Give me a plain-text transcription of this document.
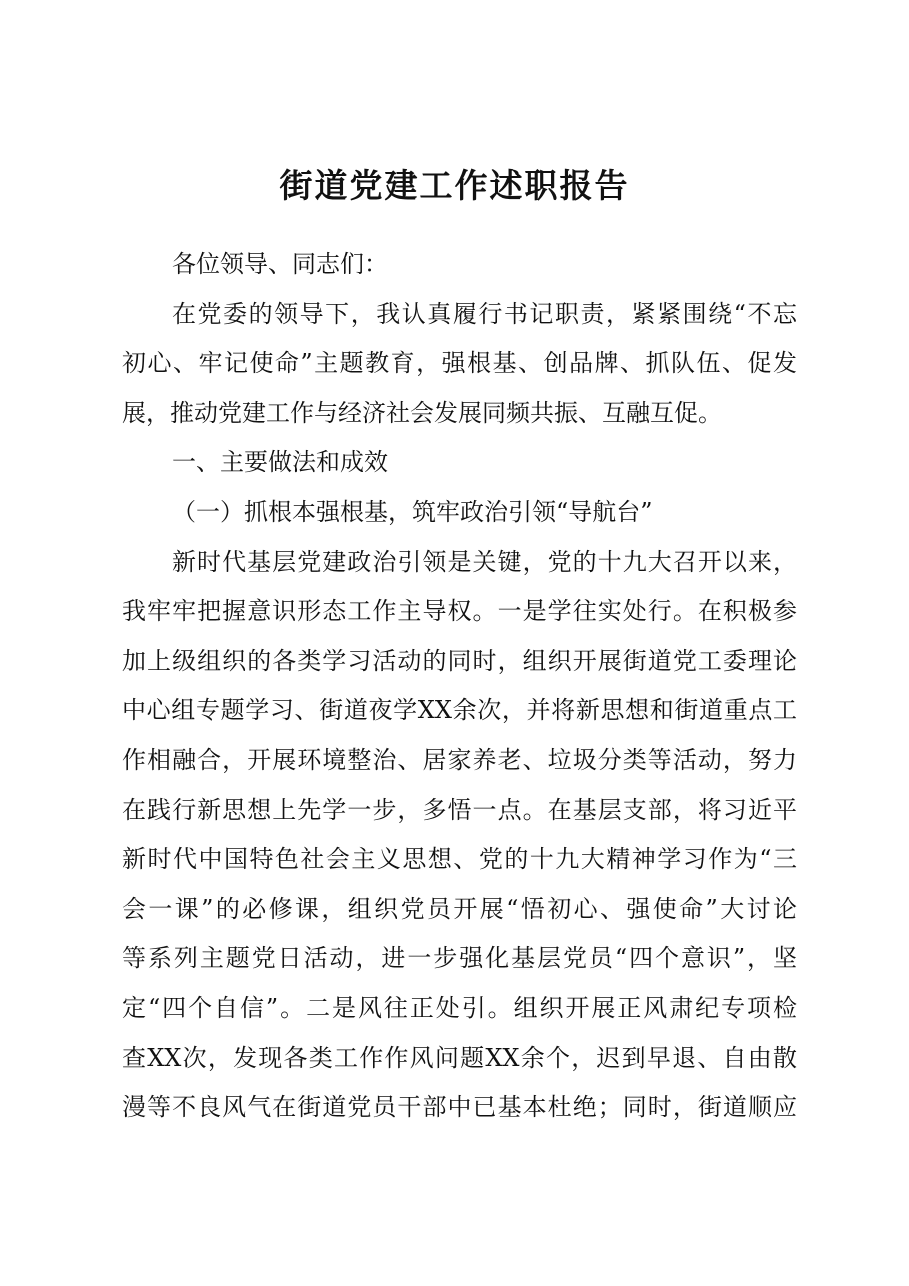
街道党建工作述职报告
各位领导、同志们：
在党委的领导下，我认真履行书记职责，紧紧围绕“不忘
初心、牢记使命”主题教育，强根基、创品牌、抓队伍、促发
展，推动党建工作与经济社会发展同频共振、互融互促。
一、主要做法和成效
（一）抓根本强根基，筑牢政治引领“导航台”
新时代基层党建政治引领是关键，党的十九大召开以来，
我牢牢把握意识形态工作主导权。一是学往实处行。在积极参
加上级组织的各类学习活动的同时，组织开展街道党工委理论
中心组专题学习、街道夜学XX余次，并将新思想和街道重点工
作相融合，开展环境整治、居家养老、垃圾分类等活动，努力
在践行新思想上先学一步，多悟一点。在基层支部，将习近平
新时代中国特色社会主义思想、党的十九大精神学习作为“三
会一课”的必修课，组织党员开展“悟初心、强使命”大讨论
等系列主题党日活动，进一步强化基层党员“四个意识”，坚
定“四个自信”。二是风往正处引。组织开展正风肃纪专项检
查XX次，发现各类工作作风问题XX余个，迟到早退、自由散
漫等不良风气在街道党员干部中已基本杜绝；同时，街道顺应
